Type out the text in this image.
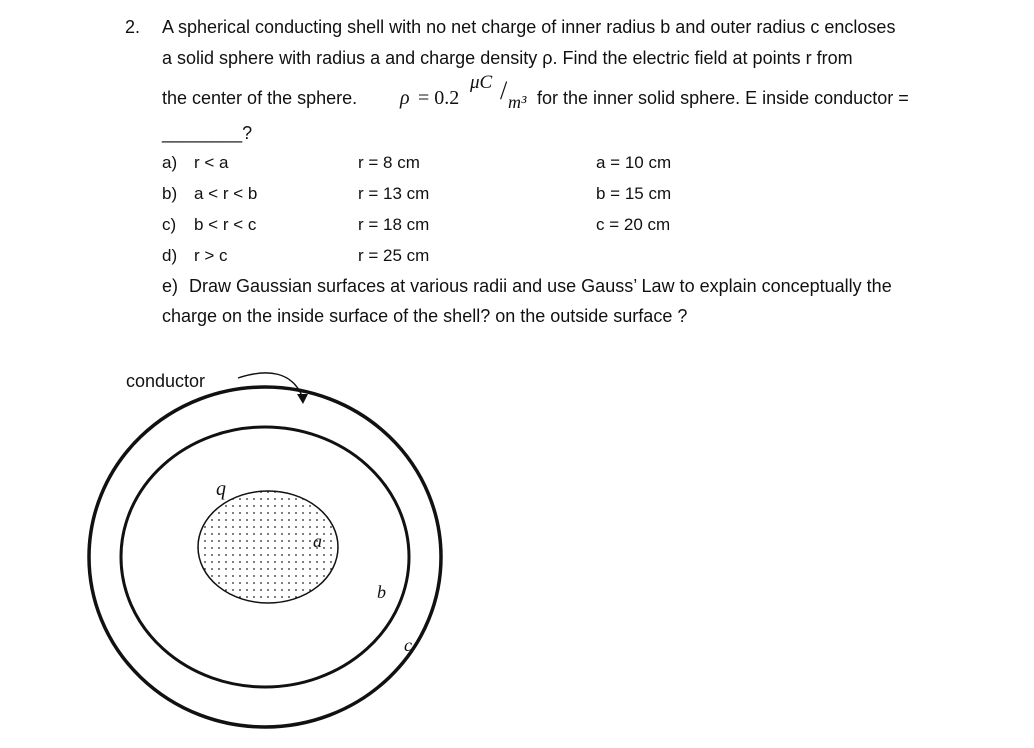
2. A spherical conducting shell with no net charge of inner radius b and outer radius c encloses
a solid sphere with radius a and charge density ρ. Find the electric field at points r from
the center of the sphere. ρ = 0.2
μC / m³ for the inner solid sphere. E inside conductor =
________?
a) r < a	r = 8 cm	a = 10 cm
b) a < r < b	r = 13 cm	b = 15 cm
c) b < r < c	r = 18 cm	c = 20 cm
d) r > c	r = 25 cm
e) Draw Gaussian surfaces at various radii and use Gauss’ Law to explain conceptually the
charge on the inside surface of the shell? on the outside surface ?
conductor
q
a
b
c
